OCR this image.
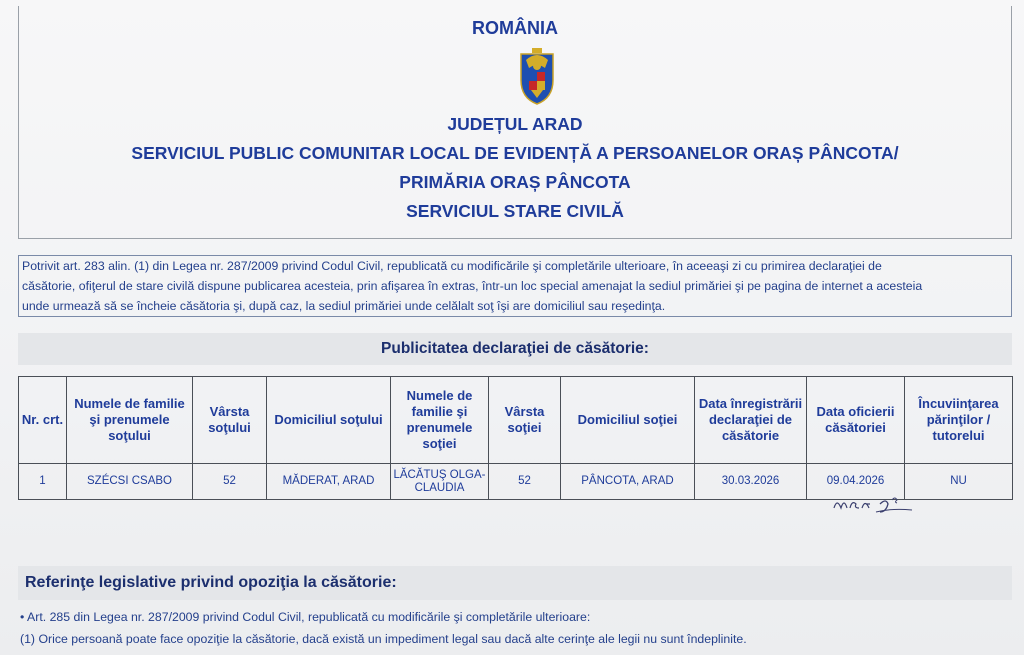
ROMÂNIA
JUDEȚUL ARAD
SERVICIUL PUBLIC COMUNITAR LOCAL DE EVIDENȚĂ A PERSOANELOR ORAȘ PÂNCOTA/
PRIMĂRIA ORAȘ PÂNCOTA
SERVICIUL STARE CIVILĂ
Potrivit art. 283 alin. (1) din Legea nr. 287/2009 privind Codul Civil, republicată cu modificările şi completările ulterioare, în aceeaşi zi cu primirea declaraţiei de
căsătorie, ofiţerul de stare civilă dispune publicarea acesteia, prin afişarea în extras, într-un loc special amenajat la sediul primăriei şi pe pagina de internet a acesteia
unde urmează să se încheie căsătoria şi, după caz, la sediul primăriei unde celălalt soţ îşi are domiciliul sau reşedinţa.
Publicitatea declaraţiei de căsătorie:
Nr. crt.	Numele de familie şi prenumele soţului	Vârsta soţului	Domiciliul soţului	Numele de familie şi prenumele soţiei	Vârsta soţiei	Domiciliul soţiei	Data înregistrării declaraţiei de căsătorie	Data oficierii căsătoriei	Încuviinţarea părinţilor / tutorelui
1	SZÉCSI CSABO	52	MĂDERAT, ARAD	LĂCĂTUŞ OLGA-CLAUDIA	52	PÂNCOTA, ARAD	30.03.2026	09.04.2026	NU
Referinţe legislative privind opoziţia la căsătorie:
• Art. 285 din Legea nr. 287/2009 privind Codul Civil, republicată cu modificările şi completările ulterioare:
(1) Orice persoană poate face opoziţie la căsătorie, dacă există un impediment legal sau dacă alte cerinţe ale legii nu sunt îndeplinite.
